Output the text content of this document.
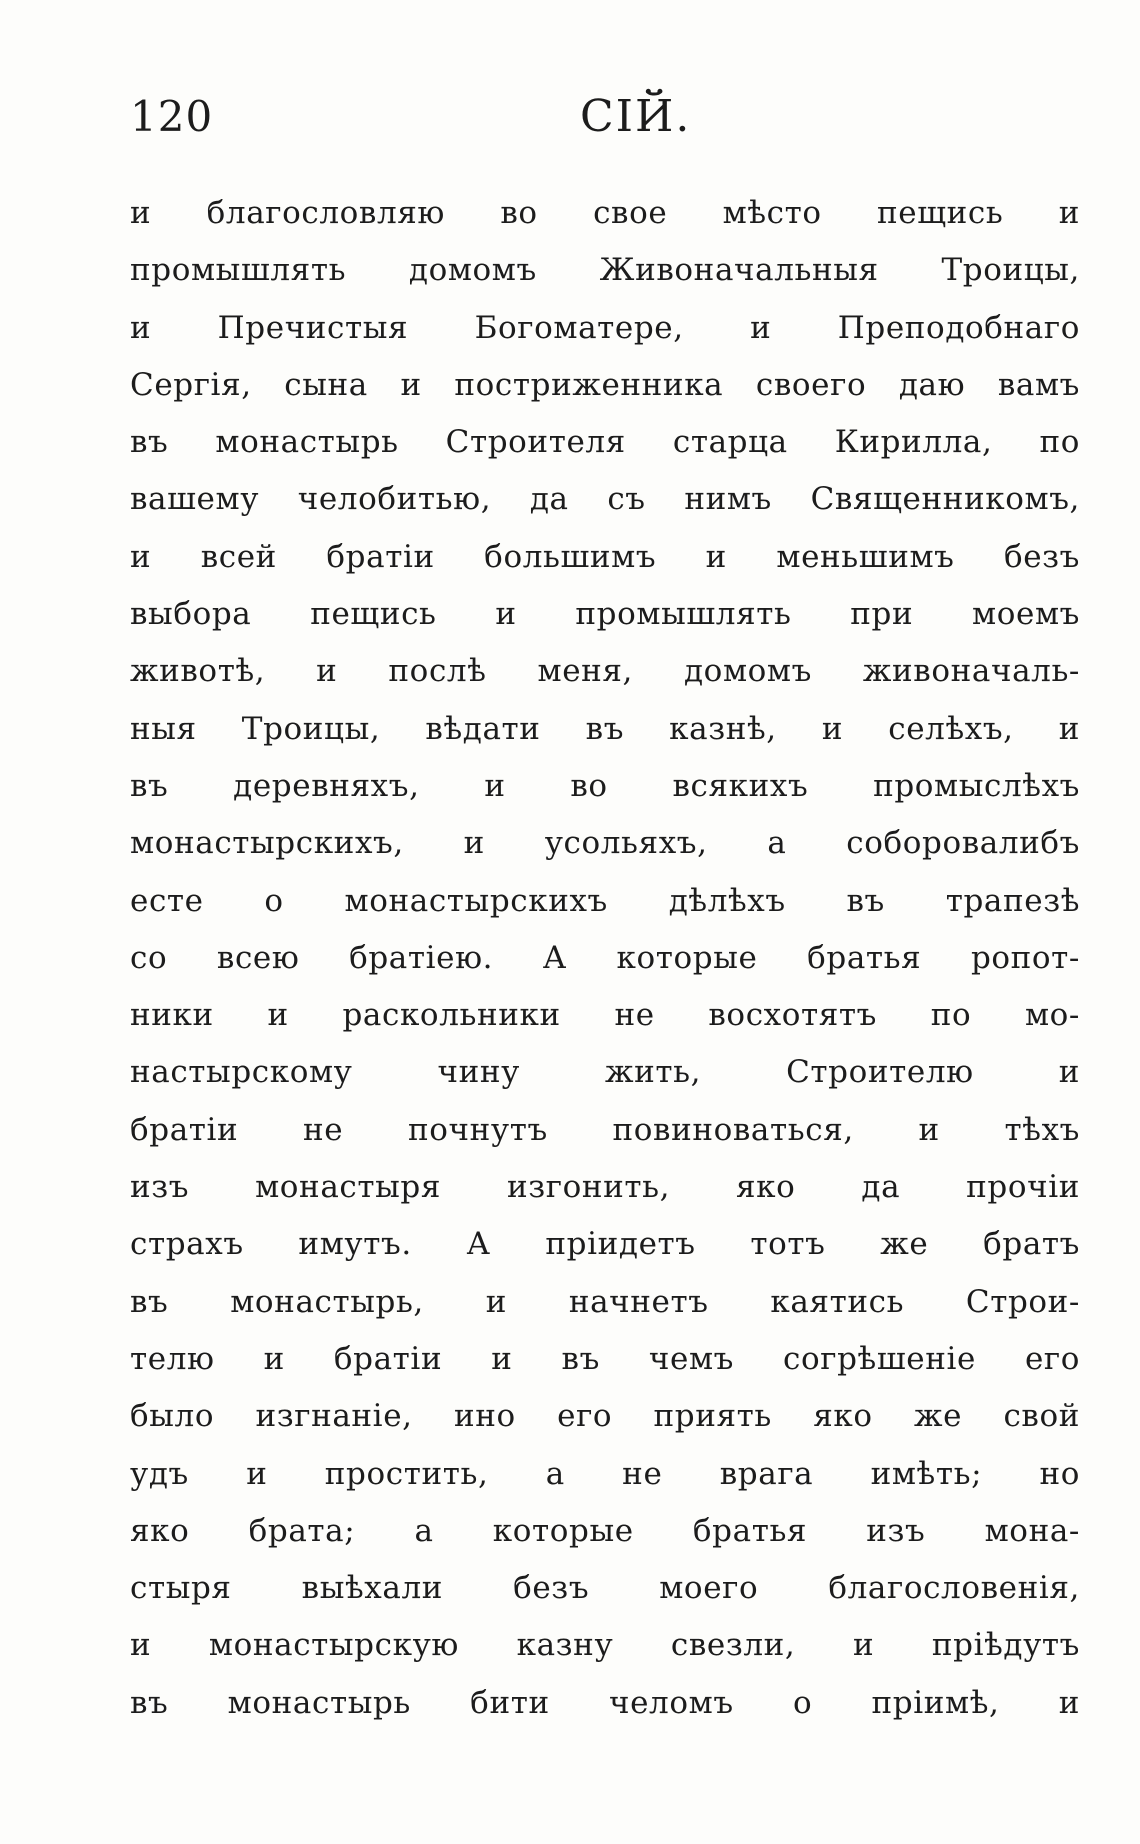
120	СІЙ.
и благословляю во свое мѣсто пещись и
промышлять домомъ Живоначальныя Троицы,
и Пречистыя Богоматере, и Преподобнаго
Сергія, сына и постриженника своего даю вамъ
въ монастырь Строителя старца Кирилла, по
вашему челобитью, да съ нимъ Священникомъ,
и всей братіи большимъ и меньшимъ безъ
выбора пещись и промышлять при моемъ
животѣ, и послѣ меня, домомъ живоначаль-
ныя Троицы, вѣдати въ казнѣ, и селѣхъ, и
въ деревняхъ, и во всякихъ промыслѣхъ
монастырскихъ, и усольяхъ, а соборовалибъ
есте о монастырскихъ дѣлѣхъ въ трапезѣ
со всею братіею. А которые братья ропот-
ники и раскольники не восхотятъ по мо-
настырскому чину жить, Строителю и
братіи не почнутъ повиноваться, и тѣхъ
изъ монастыря изгонить, яко да прочіи
страхъ имутъ. А пріидетъ тотъ же братъ
въ монастырь, и начнетъ каятись Строи-
телю и братіи и въ чемъ согрѣшеніе его
было изгнаніе, ино его приять яко же свой
удъ и простить, а не врага имѣть; но
яко брата; а которые братья изъ мона-
стыря выѣхали безъ моего благословенія,
и монастырскую казну свезли, и пріѣдутъ
въ монастырь бити челомъ о пріимѣ, и
